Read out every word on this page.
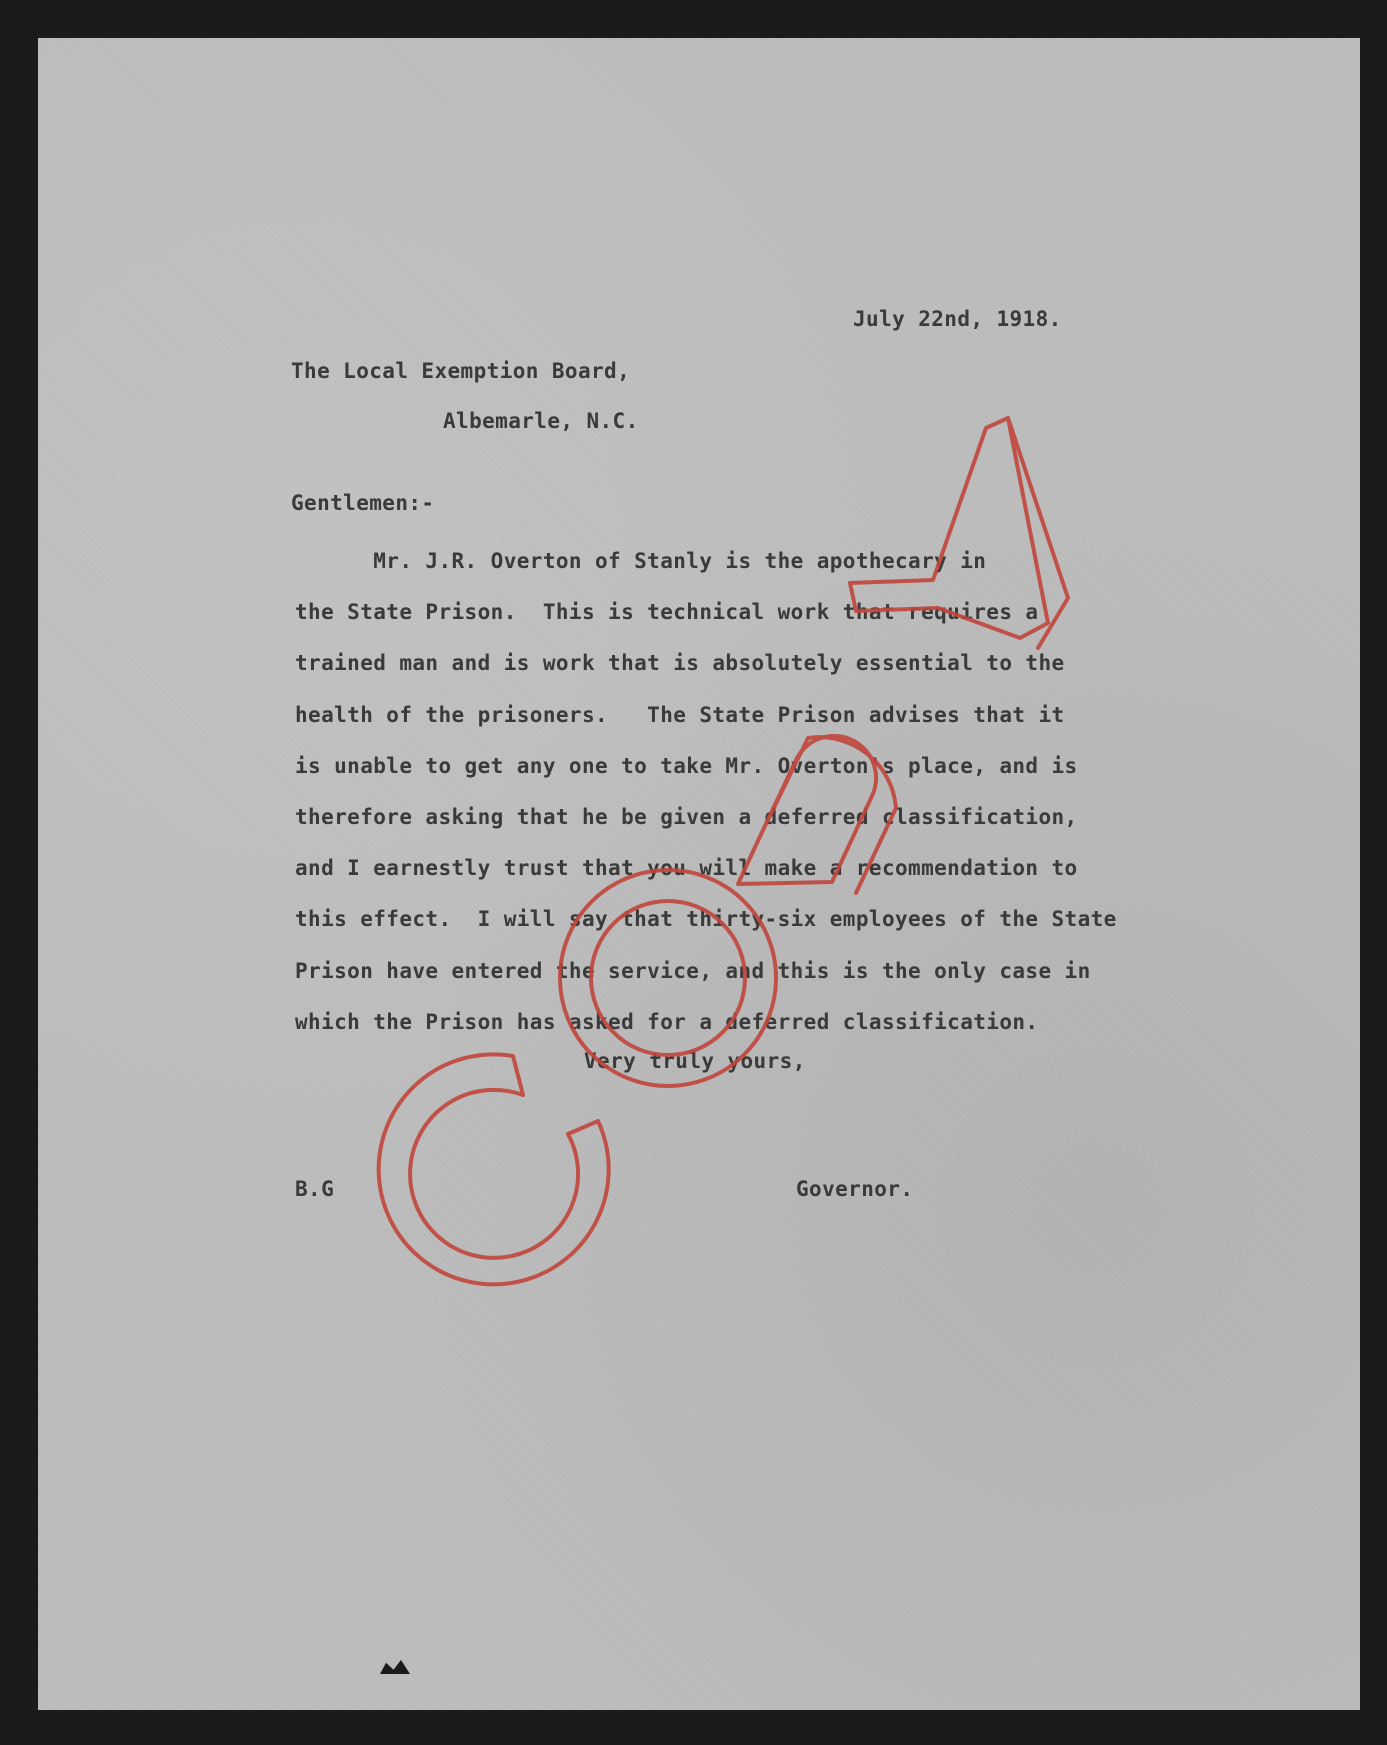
July 22nd, 1918.
The Local Exemption Board,
Albemarle, N.C.
Gentlemen:-
Mr. J.R. Overton of Stanly is the apothecary in
the State Prison.  This is technical work that requires a
trained man and is work that is absolutely essential to the
health of the prisoners.   The State Prison advises that it
is unable to get any one to take Mr. Overton's place, and is
therefore asking that he be given a deferred classification,
and I earnestly trust that you will make a recommendation to
this effect.  I will say that thirty-six employees of the State
Prison have entered the service, and this is the only case in
which the Prison has asked for a deferred classification.
Very truly yours,
B.G	Governor.
